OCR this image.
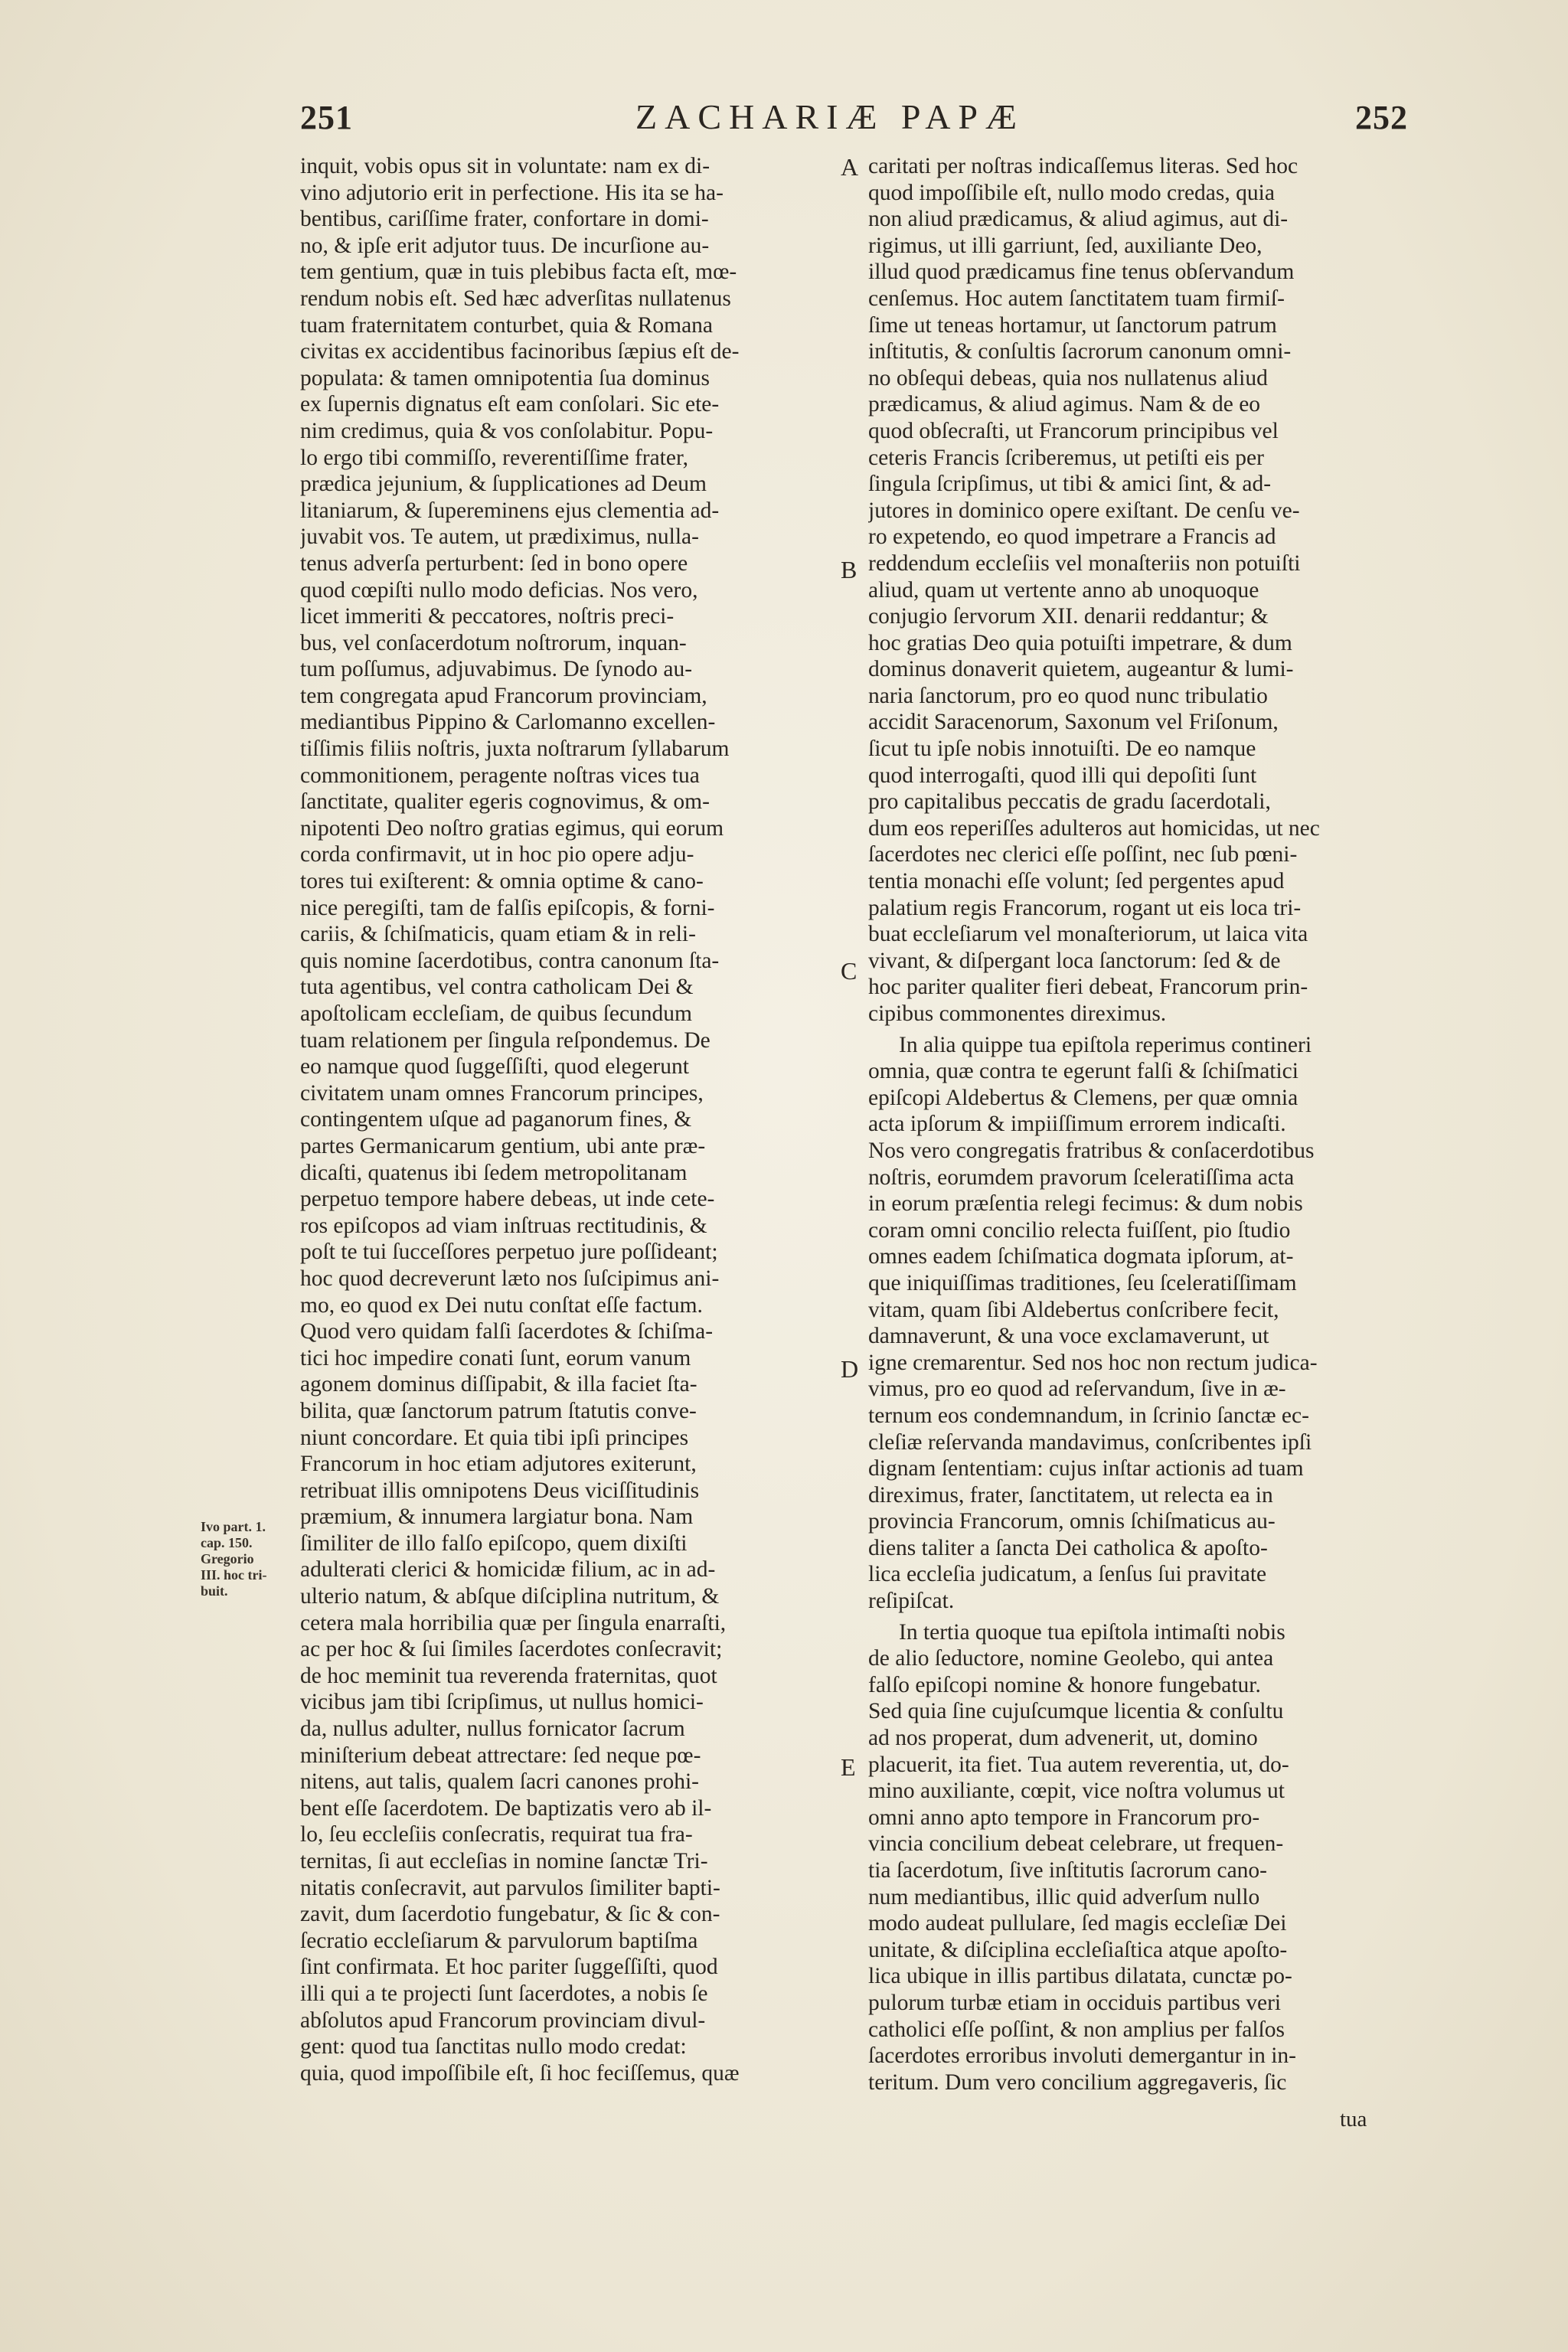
251	ZACHARIÆ PAPÆ	252
inquit, vobis opus sit in voluntate: nam ex di-
vino adjutorio erit in perfectione. His ita se ha-
bentibus, cariſſime frater, confortare in domi-
no, & ipſe erit adjutor tuus. De incurſione au-
tem gentium, quæ in tuis plebibus facta eſt, mœ-
rendum nobis eſt. Sed hæc adverſitas nullatenus
tuam fraternitatem conturbet, quia & Romana
civitas ex accidentibus facinoribus ſæpius eſt de-
populata: & tamen omnipotentia ſua dominus
ex ſupernis dignatus eſt eam conſolari. Sic ete-
nim credimus, quia & vos conſolabitur. Popu-
lo ergo tibi commiſſo, reverentiſſime frater,
prædica jejunium, & ſupplicationes ad Deum
litaniarum, & ſupereminens ejus clementia ad-
juvabit vos. Te autem, ut prædiximus, nulla-
tenus adverſa perturbent: ſed in bono opere
quod cœpiſti nullo modo deficias. Nos vero,
licet immeriti & peccatores, noſtris preci-
bus, vel conſacerdotum noſtrorum, inquan-
tum poſſumus, adjuvabimus. De ſynodo au-
tem congregata apud Francorum provinciam,
mediantibus Pippino & Carlomanno excellen-
tiſſimis filiis noſtris, juxta noſtrarum ſyllabarum
commonitionem, peragente noſtras vices tua
ſanctitate, qualiter egeris cognovimus, & om-
nipotenti Deo noſtro gratias egimus, qui eorum
corda confirmavit, ut in hoc pio opere adju-
tores tui exiſterent: & omnia optime & cano-
nice peregiſti, tam de falſis epiſcopis, & forni-
cariis, & ſchiſmaticis, quam etiam & in reli-
quis nomine ſacerdotibus, contra canonum ſta-
tuta agentibus, vel contra catholicam Dei &
apoſtolicam eccleſiam, de quibus ſecundum
tuam relationem per ſingula reſpondemus. De
eo namque quod ſuggeſſiſti, quod elegerunt
civitatem unam omnes Francorum principes,
contingentem uſque ad paganorum fines, &
partes Germanicarum gentium, ubi ante præ-
dicaſti, quatenus ibi ſedem metropolitanam
perpetuo tempore habere debeas, ut inde cete-
ros epiſcopos ad viam inſtruas rectitudinis, &
poſt te tui ſucceſſores perpetuo jure poſſideant;
hoc quod decreverunt læto nos ſuſcipimus ani-
mo, eo quod ex Dei nutu conſtat eſſe factum.
Quod vero quidam falſi ſacerdotes & ſchiſma-
tici hoc impedire conati ſunt, eorum vanum
agonem dominus diſſipabit, & illa faciet ſta-
bilita, quæ ſanctorum patrum ſtatutis conve-
niunt concordare. Et quia tibi ipſi principes
Francorum in hoc etiam adjutores exiterunt,
retribuat illis omnipotens Deus viciſſitudinis
præmium, & innumera largiatur bona. Nam
ſimiliter de illo falſo epiſcopo, quem dixiſti
adulterati clerici & homicidæ filium, ac in ad-
ulterio natum, & abſque diſciplina nutritum, &
cetera mala horribilia quæ per ſingula enarraſti,
ac per hoc & ſui ſimiles ſacerdotes conſecravit;
de hoc meminit tua reverenda fraternitas, quot
vicibus jam tibi ſcripſimus, ut nullus homici-
da, nullus adulter, nullus fornicator ſacrum
miniſterium debeat attrectare: ſed neque pœ-
nitens, aut talis, qualem ſacri canones prohi-
bent eſſe ſacerdotem. De baptizatis vero ab il-
lo, ſeu eccleſiis conſecratis, requirat tua fra-
ternitas, ſi aut eccleſias in nomine ſanctæ Tri-
nitatis conſecravit, aut parvulos ſimiliter bapti-
zavit, dum ſacerdotio fungebatur, & ſic & con-
ſecratio eccleſiarum & parvulorum baptiſma
ſint confirmata. Et hoc pariter ſuggeſſiſti, quod
illi qui a te projecti ſunt ſacerdotes, a nobis ſe
abſolutos apud Francorum provinciam divul-
gent: quod tua ſanctitas nullo modo credat:
quia, quod impoſſibile eſt, ſi hoc feciſſemus, quæ
caritati per noſtras indicaſſemus literas. Sed hoc
quod impoſſibile eſt, nullo modo credas, quia
non aliud prædicamus, & aliud agimus, aut di-
rigimus, ut illi garriunt, ſed, auxiliante Deo,
illud quod prædicamus fine tenus obſervandum
cenſemus. Hoc autem ſanctitatem tuam firmiſ-
ſime ut teneas hortamur, ut ſanctorum patrum
inſtitutis, & conſultis ſacrorum canonum omni-
no obſequi debeas, quia nos nullatenus aliud
prædicamus, & aliud agimus. Nam & de eo
quod obſecraſti, ut Francorum principibus vel
ceteris Francis ſcriberemus, ut petiſti eis per
ſingula ſcripſimus, ut tibi & amici ſint, & ad-
jutores in dominico opere exiſtant. De cenſu ve-
ro expetendo, eo quod impetrare a Francis ad
reddendum eccleſiis vel monaſteriis non potuiſti
aliud, quam ut vertente anno ab unoquoque
conjugio ſervorum XII. denarii reddantur; &
hoc gratias Deo quia potuiſti impetrare, & dum
dominus donaverit quietem, augeantur & lumi-
naria ſanctorum, pro eo quod nunc tribulatio
accidit Saracenorum, Saxonum vel Friſonum,
ſicut tu ipſe nobis innotuiſti. De eo namque
quod interrogaſti, quod illi qui depoſiti ſunt
pro capitalibus peccatis de gradu ſacerdotali,
dum eos reperiſſes adulteros aut homicidas, ut nec
ſacerdotes nec clerici eſſe poſſint, nec ſub pœni-
tentia monachi eſſe volunt; ſed pergentes apud
palatium regis Francorum, rogant ut eis loca tri-
buat eccleſiarum vel monaſteriorum, ut laica vita
vivant, & diſpergant loca ſanctorum: ſed & de
hoc pariter qualiter fieri debeat, Francorum prin-
cipibus commonentes direximus.
In alia quippe tua epiſtola reperimus contineri
omnia, quæ contra te egerunt falſi & ſchiſmatici
epiſcopi Aldebertus & Clemens, per quæ omnia
acta ipſorum & impiiſſimum errorem indicaſti.
Nos vero congregatis fratribus & conſacerdotibus
noſtris, eorumdem pravorum ſceleratiſſima acta
in eorum præſentia relegi fecimus: & dum nobis
coram omni concilio relecta fuiſſent, pio ſtudio
omnes eadem ſchiſmatica dogmata ipſorum, at-
que iniquiſſimas traditiones, ſeu ſceleratiſſimam
vitam, quam ſibi Aldebertus conſcribere fecit,
damnaverunt, & una voce exclamaverunt, ut
igne cremarentur. Sed nos hoc non rectum judica-
vimus, pro eo quod ad reſervandum, ſive in æ-
ternum eos condemnandum, in ſcrinio ſanctæ ec-
cleſiæ reſervanda mandavimus, conſcribentes ipſi
dignam ſententiam: cujus inſtar actionis ad tuam
direximus, frater, ſanctitatem, ut relecta ea in
provincia Francorum, omnis ſchiſmaticus au-
diens taliter a ſancta Dei catholica & apoſto-
lica eccleſia judicatum, a ſenſus ſui pravitate
reſipiſcat.
In tertia quoque tua epiſtola intimaſti nobis
de alio ſeductore, nomine Geolebo, qui antea
falſo epiſcopi nomine & honore fungebatur.
Sed quia ſine cujuſcumque licentia & conſultu
ad nos properat, dum advenerit, ut, domino
placuerit, ita fiet. Tua autem reverentia, ut, do-
mino auxiliante, cœpit, vice noſtra volumus ut
omni anno apto tempore in Francorum pro-
vincia concilium debeat celebrare, ut frequen-
tia ſacerdotum, ſive inſtitutis ſacrorum cano-
num mediantibus, illic quid adverſum nullo
modo audeat pullulare, ſed magis eccleſiæ Dei
unitate, & diſciplina eccleſiaſtica atque apoſto-
lica ubique in illis partibus dilatata, cunctæ po-
pulorum turbæ etiam in occiduis partibus veri
catholici eſſe poſſint, & non amplius per falſos
ſacerdotes erroribus involuti demergantur in in-
teritum. Dum vero concilium aggregaveris, ſic
A
B
C
D
E
Ivo part. 1.
cap. 150.
Gregorio
III. hoc tri-
buit.
tua
